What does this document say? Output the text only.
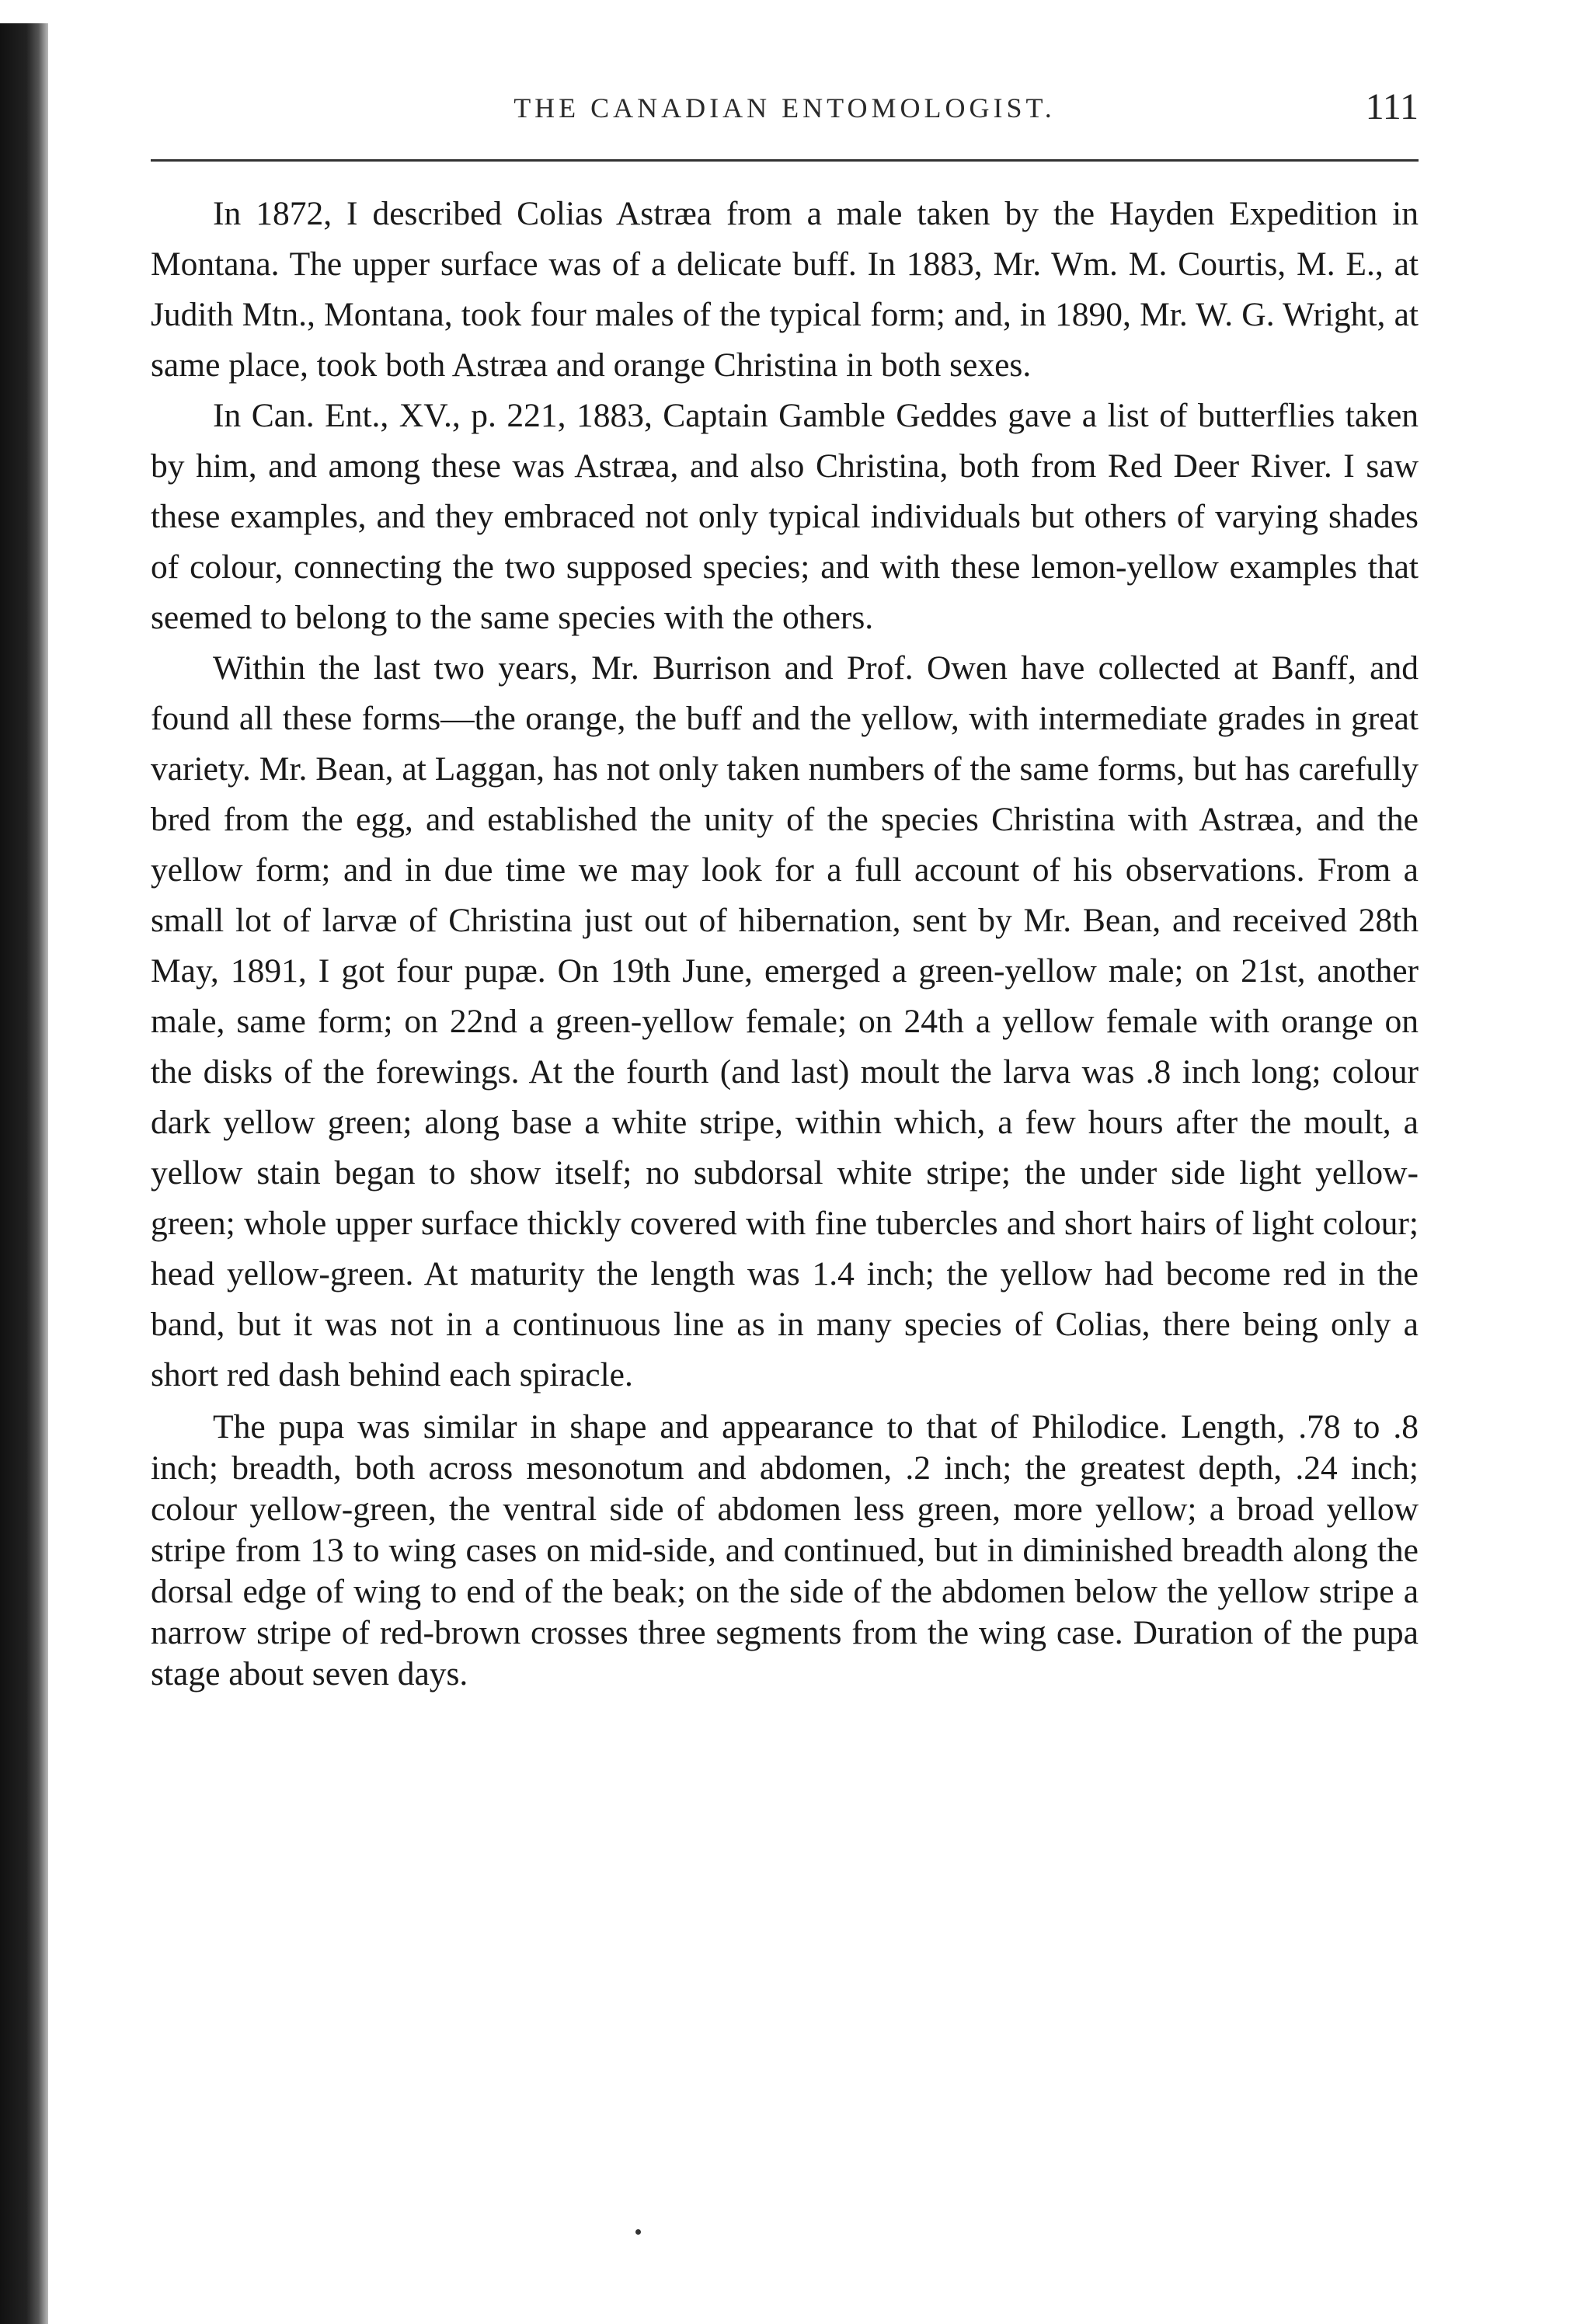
THE CANADIAN ENTOMOLOGIST.	111

In 1872, I described Colias Astræa from a male taken by the Hayden Expedition in Montana. The upper surface was of a delicate buff. In 1883, Mr. Wm. M. Courtis, M. E., at Judith Mtn., Montana, took four males of the typical form; and, in 1890, Mr. W. G. Wright, at same place, took both Astræa and orange Christina in both sexes.

In Can. Ent., XV., p. 221, 1883, Captain Gamble Geddes gave a list of butterflies taken by him, and among these was Astræa, and also Christina, both from Red Deer River. I saw these examples, and they embraced not only typical individuals but others of varying shades of colour, connecting the two supposed species; and with these lemon-yellow examples that seemed to belong to the same species with the others.

Within the last two years, Mr. Burrison and Prof. Owen have collected at Banff, and found all these forms—the orange, the buff and the yellow, with intermediate grades in great variety. Mr. Bean, at Laggan, has not only taken numbers of the same forms, but has carefully bred from the egg, and established the unity of the species Christina with Astræa, and the yellow form; and in due time we may look for a full account of his observations. From a small lot of larvæ of Christina just out of hibernation, sent by Mr. Bean, and received 28th May, 1891, I got four pupæ. On 19th June, emerged a green-yellow male; on 21st, another male, same form; on 22nd a green-yellow female; on 24th a yellow female with orange on the disks of the forewings. At the fourth (and last) moult the larva was .8 inch long; colour dark yellow green; along base a white stripe, within which, a few hours after the moult, a yellow stain began to show itself; no subdorsal white stripe; the under side light yellow-green; whole upper surface thickly covered with fine tubercles and short hairs of light colour; head yellow-green. At maturity the length was 1.4 inch; the yellow had become red in the band, but it was not in a continuous line as in many species of Colias, there being only a short red dash behind each spiracle.

The pupa was similar in shape and appearance to that of Philodice. Length, .78 to .8 inch; breadth, both across mesonotum and abdomen, .2 inch; the greatest depth, .24 inch; colour yellow-green, the ventral side of abdomen less green, more yellow; a broad yellow stripe from 13 to wing cases on mid-side, and continued, but in diminished breadth along the dorsal edge of wing to end of the beak; on the side of the abdomen below the yellow stripe a narrow stripe of red-brown crosses three segments from the wing case. Duration of the pupa stage about seven days.
